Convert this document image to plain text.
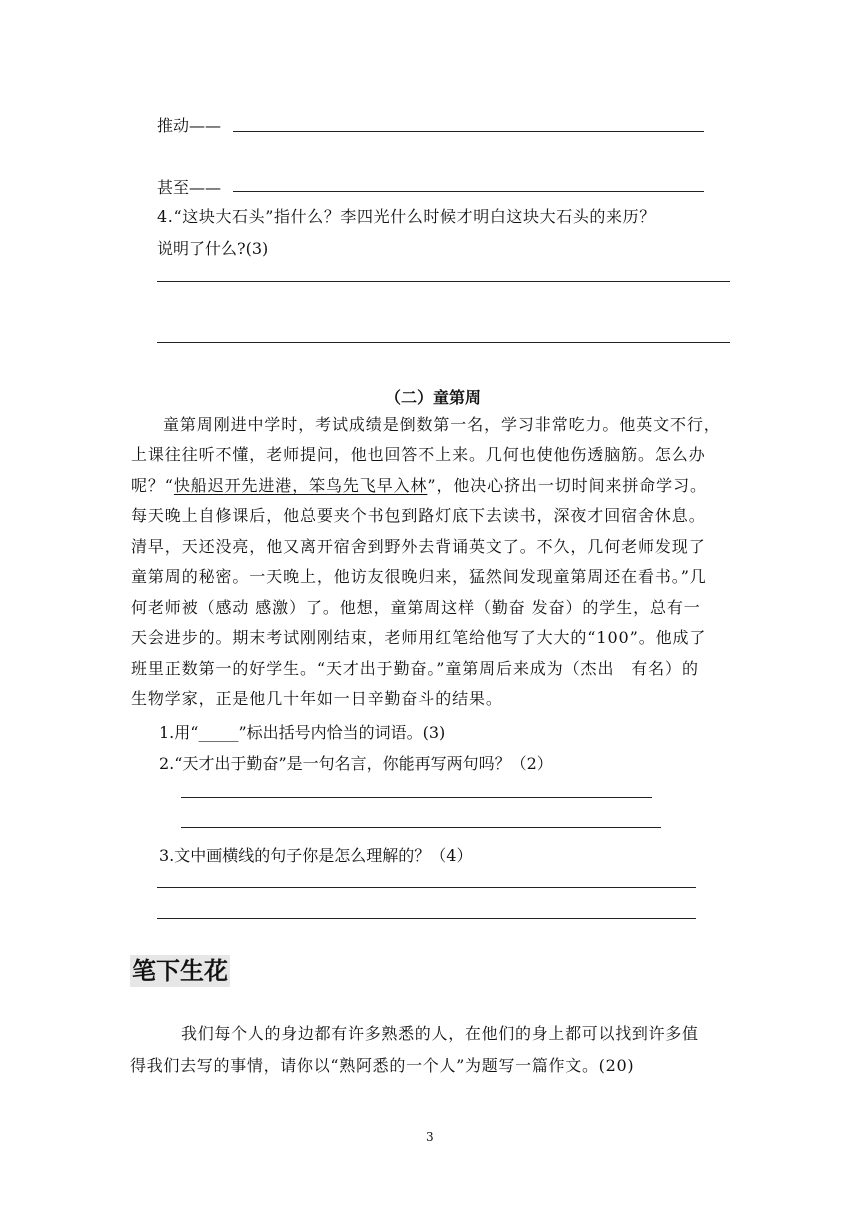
推动——
甚至——
4.“这块大石头”指什么？李四光什么时候才明白这块大石头的来历？
说明了什么?(3)
（二）童第周
童第周刚进中学时，考试成绩是倒数第一名，学习非常吃力。他英文不行，
上课往往听不懂，老师提问，他也回答不上来。几何也使他伤透脑筋。怎么办
呢？“快船迟开先进港，笨鸟先飞早入林”，他决心挤出一切时间来拼命学习。
每天晚上自修课后，他总要夹个书包到路灯底下去读书，深夜才回宿舍休息。
清早，天还没亮，他又离开宿舍到野外去背诵英文了。不久，几何老师发现了
童第周的秘密。一天晚上，他访友很晚归来，猛然间发现童第周还在看书。”几
何老师被（感动 感激）了。他想，童第周这样（勤奋 发奋）的学生，总有一
天会进步的。期末考试刚刚结束，老师用红笔给他写了大大的“100”。他成了
班里正数第一的好学生。“天才出于勤奋。”童第周后来成为（杰出　有名）的
生物学家，正是他几十年如一日辛勤奋斗的结果。
1.用“_____”标出括号内恰当的词语。(3)
2.“天才出于勤奋”是一句名言，你能再写两句吗？（2）
3.文中画横线的句子你是怎么理解的？（4）
笔下生花
我们每个人的身边都有许多熟悉的人，在他们的身上都可以找到许多值
得我们去写的事情，请你以“熟阿悉的一个人”为题写一篇作文。(20)
3
